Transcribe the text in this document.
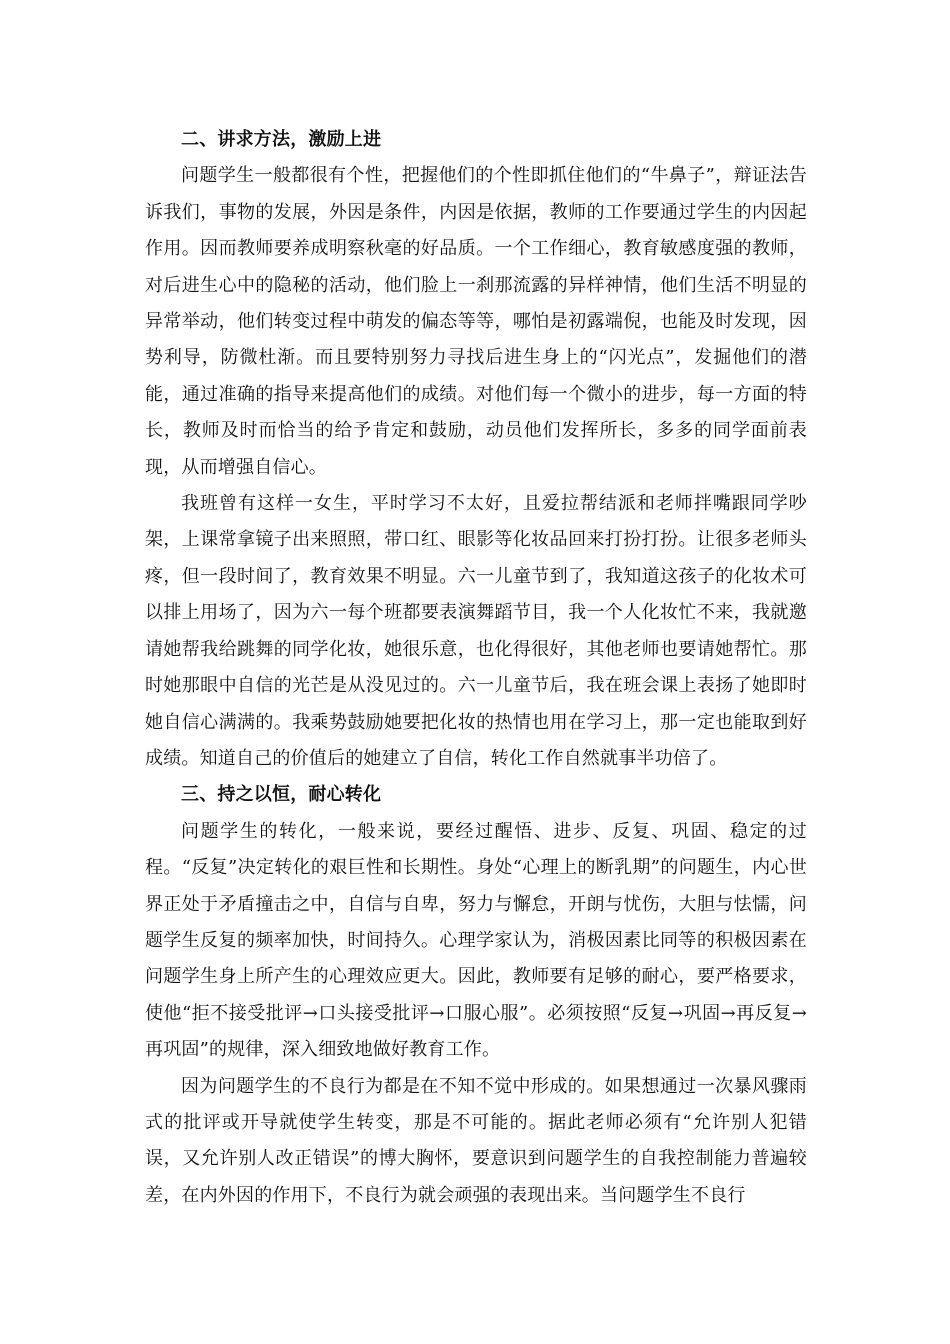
二、讲求方法，激励上进

问题学生一般都很有个性，把握他们的个性即抓住他们的“牛鼻子”，辩证法告诉我们，事物的发展，外因是条件，内因是依据，教师的工作要通过学生的内因起作用。因而教师要养成明察秋毫的好品质。一个工作细心，教育敏感度强的教师，对后进生心中的隐秘的活动，他们脸上一刹那流露的异样神情，他们生活不明显的异常举动，他们转变过程中萌发的偏态等等，哪怕是初露端倪，也能及时发现，因势利导，防微杜渐。而且要特别努力寻找后进生身上的“闪光点”，发掘他们的潜能，通过准确的指导来提高他们的成绩。对他们每一个微小的进步，每一方面的特长，教师及时而恰当的给予肯定和鼓励，动员他们发挥所长，多多的同学面前表现，从而增强自信心。

我班曾有这样一女生，平时学习不太好，且爱拉帮结派和老师拌嘴跟同学吵架，上课常拿镜子出来照照，带口红、眼影等化妆品回来打扮打扮。让很多老师头疼，但一段时间了，教育效果不明显。六一儿童节到了，我知道这孩子的化妆术可以排上用场了，因为六一每个班都要表演舞蹈节目，我一个人化妆忙不来，我就邀请她帮我给跳舞的同学化妆，她很乐意，也化得很好，其他老师也要请她帮忙。那时她那眼中自信的光芒是从没见过的。六一儿童节后，我在班会课上表扬了她即时她自信心满满的。我乘势鼓励她要把化妆的热情也用在学习上，那一定也能取到好成绩。知道自己的价值后的她建立了自信，转化工作自然就事半功倍了。

三、持之以恒，耐心转化

问题学生的转化，一般来说，要经过醒悟、进步、反复、巩固、稳定的过程。“反复”决定转化的艰巨性和长期性。身处“心理上的断乳期”的问题生，内心世界正处于矛盾撞击之中，自信与自卑，努力与懈怠，开朗与忧伤，大胆与怯懦，问题学生反复的频率加快，时间持久。心理学家认为，消极因素比同等的积极因素在问题学生身上所产生的心理效应更大。因此，教师要有足够的耐心，要严格要求，使他“拒不接受批评→口头接受批评→口服心服”。必须按照“反复→巩固→再反复→再巩固”的规律，深入细致地做好教育工作。

因为问题学生的不良行为都是在不知不觉中形成的。如果想通过一次暴风骤雨式的批评或开导就使学生转变，那是不可能的。据此老师必须有“允许别人犯错误，又允许别人改正错误”的博大胸怀，要意识到问题学生的自我控制能力普遍较差，在内外因的作用下，不良行为就会顽强的表现出来。当问题学生不良行
